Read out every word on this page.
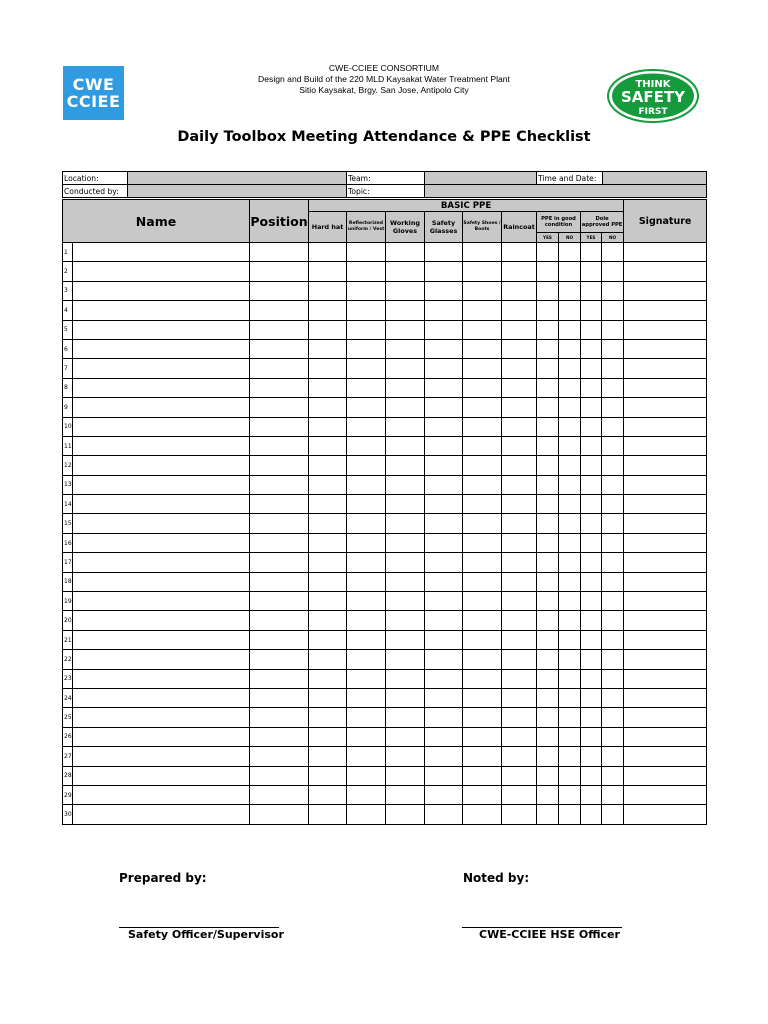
CWE
CCIEE
CWE-CCIEE CONSORTIUM
Design and Build of the 220 MLD Kaysakat Water Treatment Plant
Sitio Kaysakat, Brgy. San Jose, Antipolo City	THINK
SAFETY
FIRST
Daily Toolbox Meeting Attendance & PPE Checklist
Location:		Team:		Time and Date:	
Conducted by:		Topic:			
Name		Position	BASIC PPE										Signature
			Hard hat	Reflectorized uniform / Vest	Working Gloves	Safety Glasses	Safety Shoes / Boots	Raincoat	PPE in good condition		Dole approved PPE		
									YES	NO	YES	NO	
1													
2													
3													
4													
5													
6													
7													
8													
9													
10													
11													
12													
13													
14													
15													
16													
17													
18													
19													
20													
21													
22													
23													
24													
25													
26													
27													
28													
29													
30													
Prepared by:	Noted by:
Safety Officer/Supervisor	CWE-CCIEE HSE Officer
